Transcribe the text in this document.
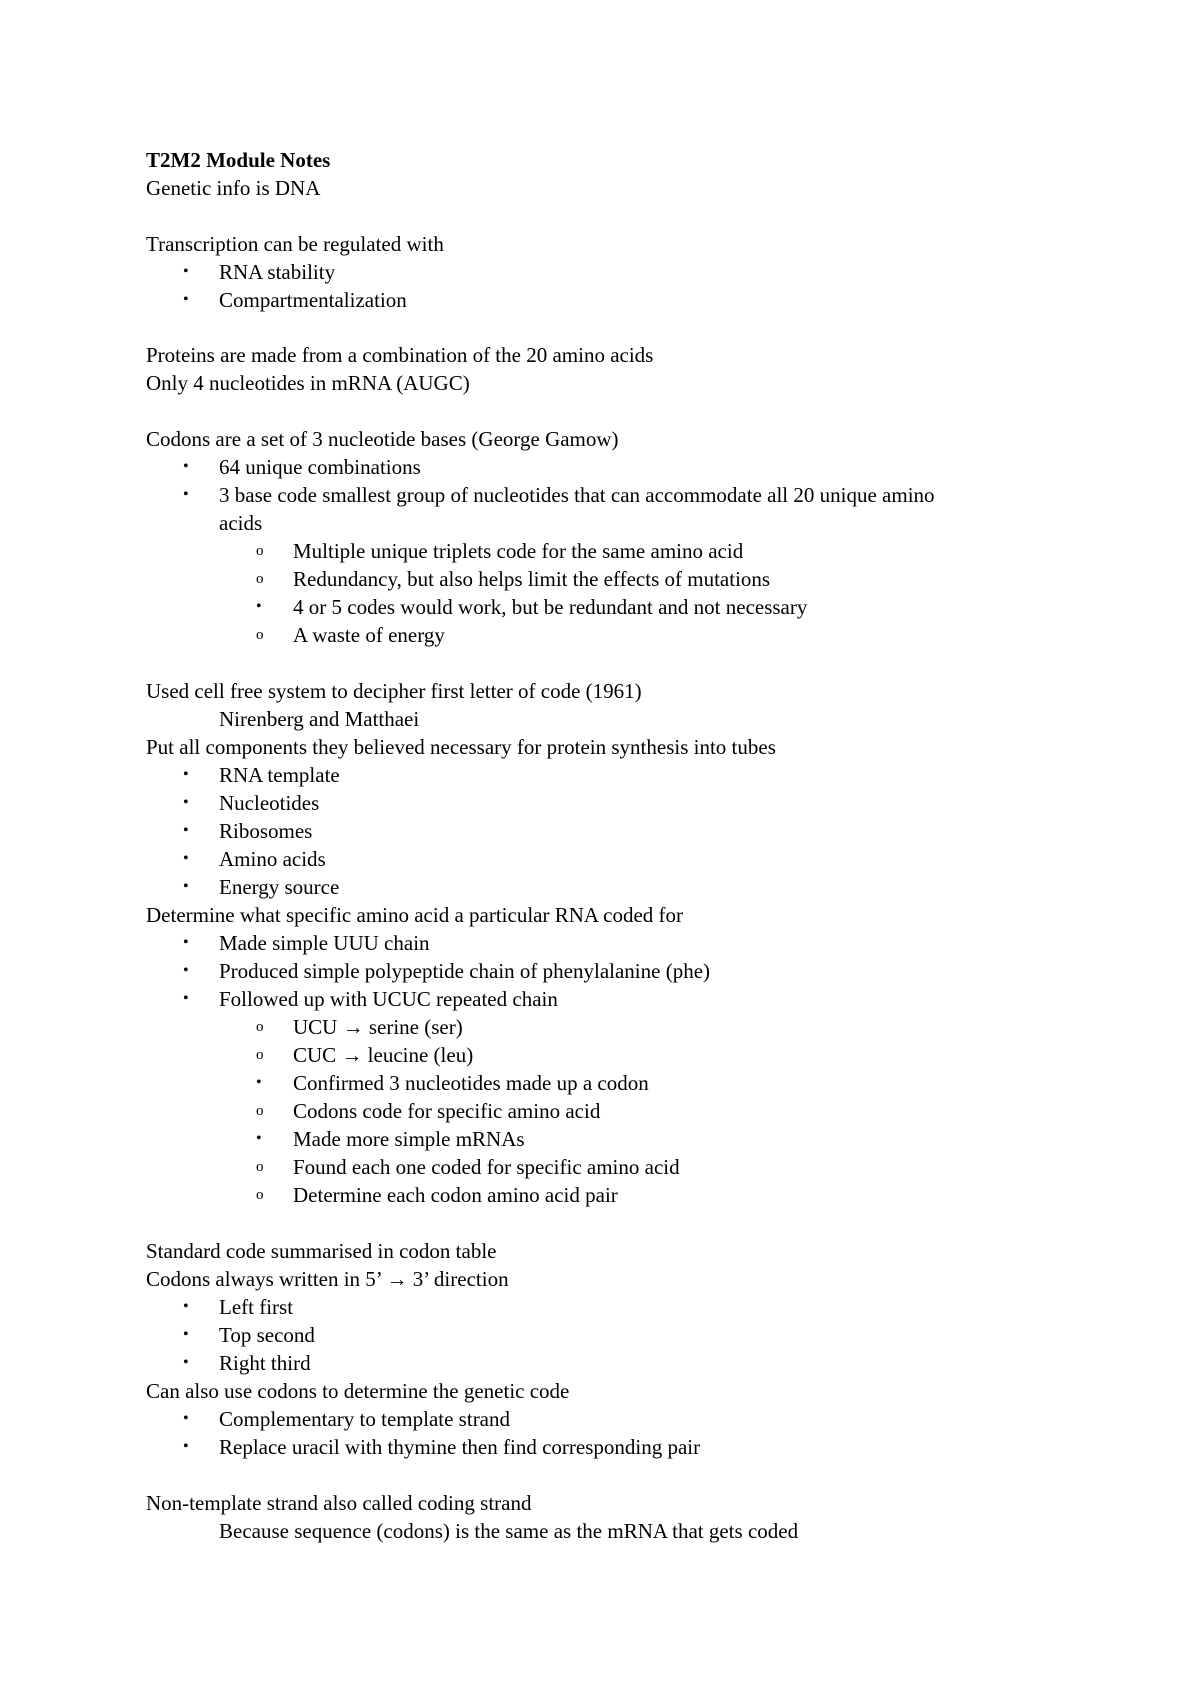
T2M2 Module Notes
Genetic info is DNA
Transcription can be regulated with
• RNA stability
• Compartmentalization
Proteins are made from a combination of the 20 amino acids
Only 4 nucleotides in mRNA (AUGC)
Codons are a set of 3 nucleotide bases (George Gamow)
• 64 unique combinations
• 3 base code smallest group of nucleotides that can accommodate all 20 unique amino
acids
o Multiple unique triplets code for the same amino acid
o Redundancy, but also helps limit the effects of mutations
• 4 or 5 codes would work, but be redundant and not necessary
o A waste of energy
Used cell free system to decipher first letter of code (1961)
Nirenberg and Matthaei
Put all components they believed necessary for protein synthesis into tubes
• RNA template
• Nucleotides
• Ribosomes
• Amino acids
• Energy source
Determine what specific amino acid a particular RNA coded for
• Made simple UUU chain
• Produced simple polypeptide chain of phenylalanine (phe)
• Followed up with UCUC repeated chain
o UCU → serine (ser)
o CUC → leucine (leu)
• Confirmed 3 nucleotides made up a codon
o Codons code for specific amino acid
• Made more simple mRNAs
o Found each one coded for specific amino acid
o Determine each codon amino acid pair
Standard code summarised in codon table
Codons always written in 5’ → 3’ direction
• Left first
• Top second
• Right third
Can also use codons to determine the genetic code
• Complementary to template strand
• Replace uracil with thymine then find corresponding pair
Non-template strand also called coding strand
Because sequence (codons) is the same as the mRNA that gets coded
